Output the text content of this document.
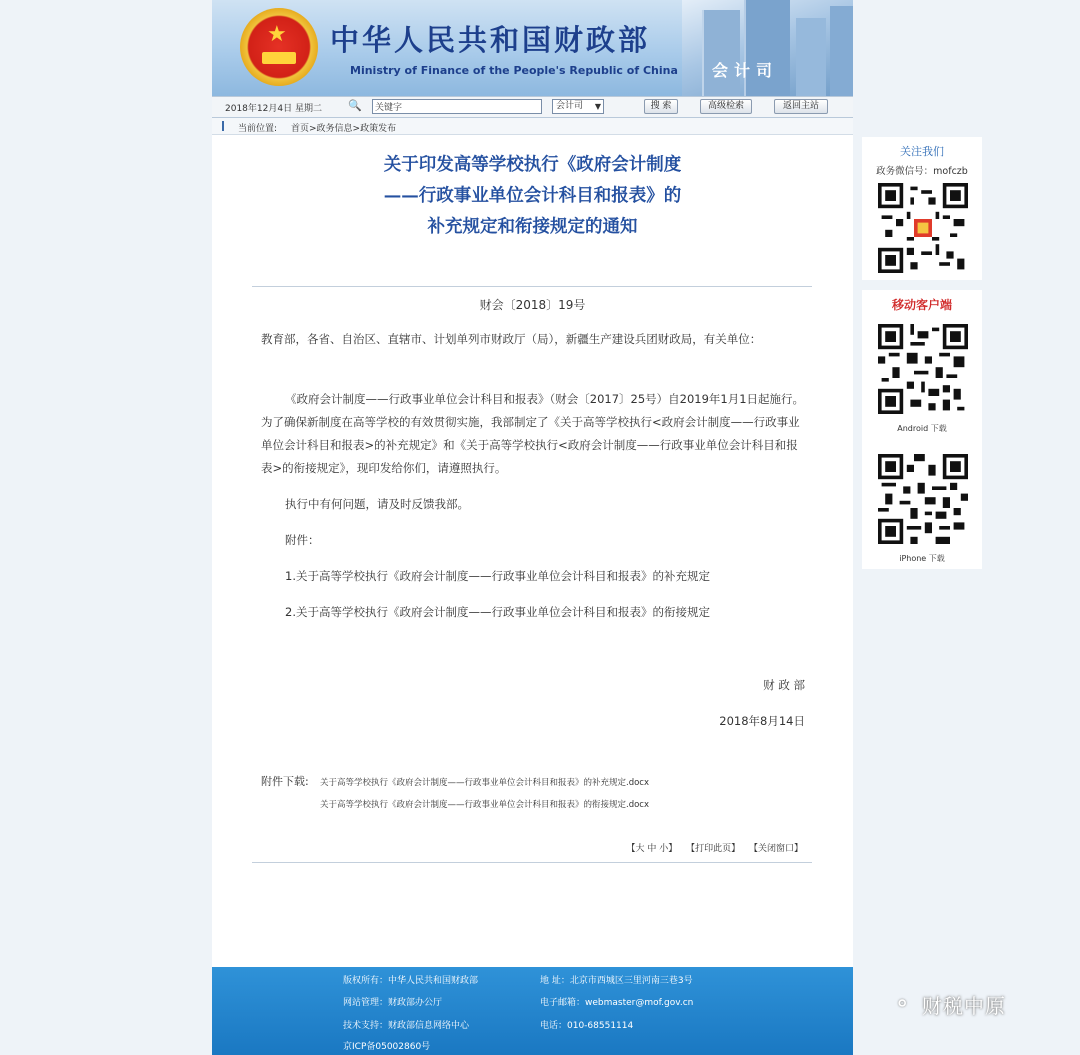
★ 中华人民共和国财政部
Ministry of Finance of the People's Republic of China 会计司
2018年12月4日 星期二 🔍
关键字	会计司 ▼	搜 索	高级检索	返回主站
当前位置: 首页>政务信息>政策发布
关于印发高等学校执行《政府会计制度
——行政事业单位会计科目和报表》的
补充规定和衔接规定的通知
财会〔2018〕19号
教育部，各省、自治区、直辖市、计划单列市财政厅（局），新疆生产建设兵团财政局，有关单位：
《政府会计制度——行政事业单位会计科目和报表》（财会〔2017〕25号）自2019年1月1日起施行。为了确保新制度在高等学校的有效贯彻实施，我部制定了《关于高等学校执行<政府会计制度——行政事业单位会计科目和报表>的补充规定》和《关于高等学校执行<政府会计制度——行政事业单位会计科目和报表>的衔接规定》，现印发给你们，请遵照执行。
执行中有何问题，请及时反馈我部。
附件：
1.关于高等学校执行《政府会计制度——行政事业单位会计科目和报表》的补充规定
2.关于高等学校执行《政府会计制度——行政事业单位会计科目和报表》的衔接规定
财 政 部
2018年8月14日
附件下载: 关于高等学校执行《政府会计制度——行政事业单位会计科目和报表》的补充规定.docx
关于高等学校执行《政府会计制度——行政事业单位会计科目和报表》的衔接规定.docx
【大 中 小】 【打印此页】 【关闭窗口】
版权所有：中华人民共和国财政部	地 址：北京市西城区三里河南三巷3号
网站管理：财政部办公厅	电子邮箱：webmaster@mof.gov.cn
技术支持：财政部信息网络中心	电话：010-68551114
京ICP备05002860号
关注我们
政务微信号：mofczb
移动客户端
Android 下载
iPhone 下载
财税中原
⚬
